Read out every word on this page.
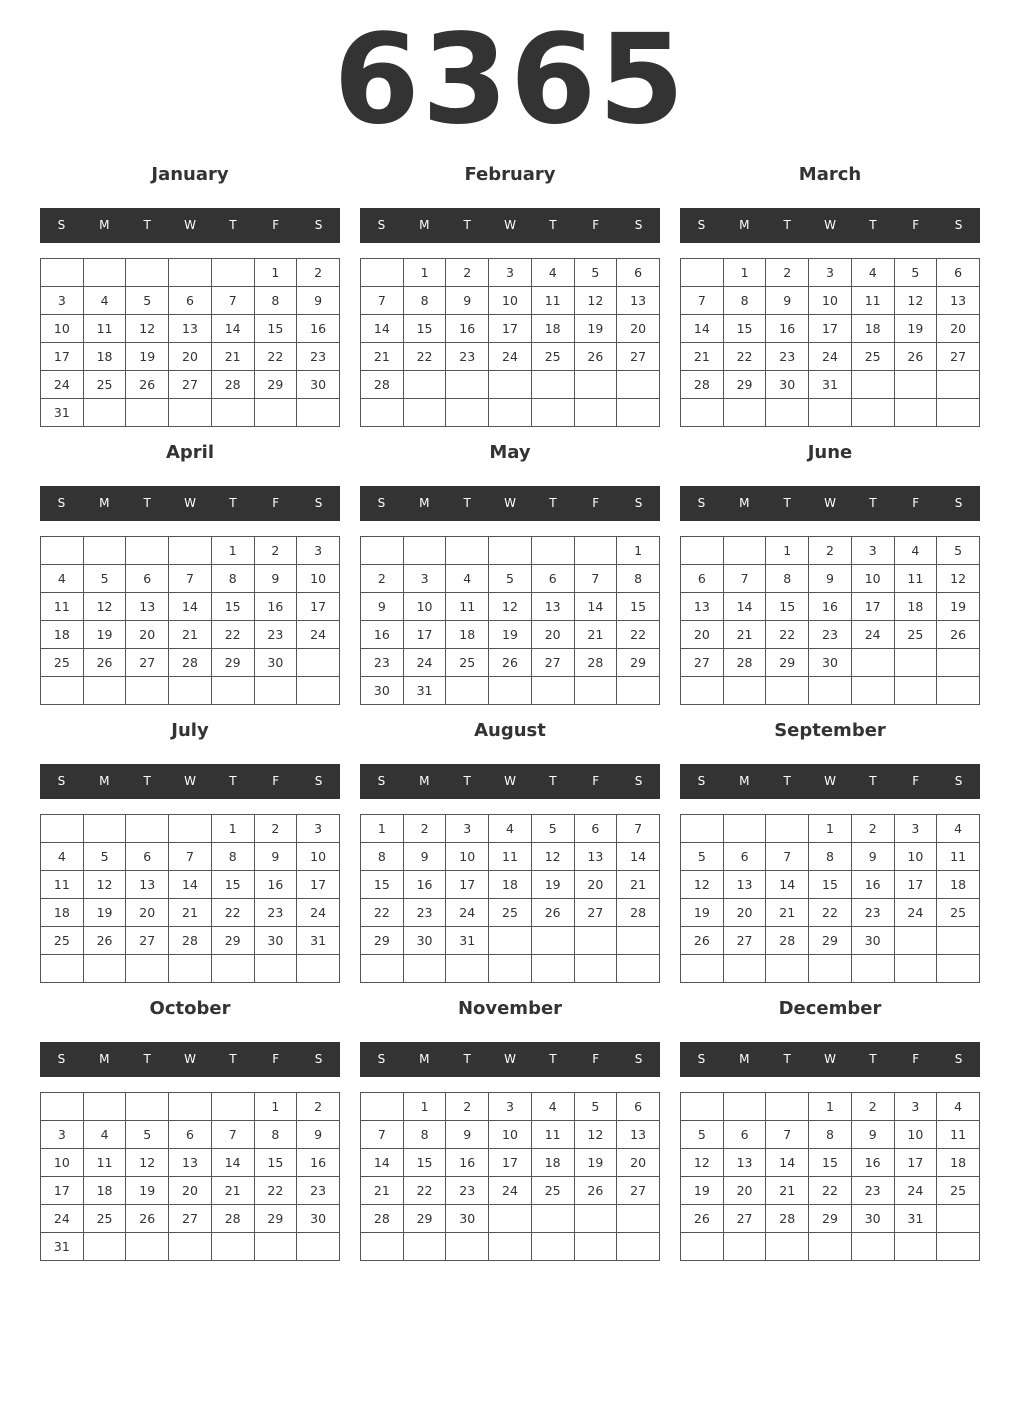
6365
January
S	M	T	W	T	F	S
					1	2
3	4	5	6	7	8	9
10	11	12	13	14	15	16
17	18	19	20	21	22	23
24	25	26	27	28	29	30
31						
February
S	M	T	W	T	F	S
	1	2	3	4	5	6
7	8	9	10	11	12	13
14	15	16	17	18	19	20
21	22	23	24	25	26	27
28						

March
S	M	T	W	T	F	S
	1	2	3	4	5	6
7	8	9	10	11	12	13
14	15	16	17	18	19	20
21	22	23	24	25	26	27
28	29	30	31			

April
S	M	T	W	T	F	S
				1	2	3
4	5	6	7	8	9	10
11	12	13	14	15	16	17
18	19	20	21	22	23	24
25	26	27	28	29	30	

May
S	M	T	W	T	F	S
						1
2	3	4	5	6	7	8
9	10	11	12	13	14	15
16	17	18	19	20	21	22
23	24	25	26	27	28	29
30	31					
June
S	M	T	W	T	F	S
		1	2	3	4	5
6	7	8	9	10	11	12
13	14	15	16	17	18	19
20	21	22	23	24	25	26
27	28	29	30			

July
S	M	T	W	T	F	S
				1	2	3
4	5	6	7	8	9	10
11	12	13	14	15	16	17
18	19	20	21	22	23	24
25	26	27	28	29	30	31

August
S	M	T	W	T	F	S
1	2	3	4	5	6	7
8	9	10	11	12	13	14
15	16	17	18	19	20	21
22	23	24	25	26	27	28
29	30	31				

September
S	M	T	W	T	F	S
			1	2	3	4
5	6	7	8	9	10	11
12	13	14	15	16	17	18
19	20	21	22	23	24	25
26	27	28	29	30		

October
S	M	T	W	T	F	S
					1	2
3	4	5	6	7	8	9
10	11	12	13	14	15	16
17	18	19	20	21	22	23
24	25	26	27	28	29	30
31						
November
S	M	T	W	T	F	S
	1	2	3	4	5	6
7	8	9	10	11	12	13
14	15	16	17	18	19	20
21	22	23	24	25	26	27
28	29	30				

December
S	M	T	W	T	F	S
			1	2	3	4
5	6	7	8	9	10	11
12	13	14	15	16	17	18
19	20	21	22	23	24	25
26	27	28	29	30	31	
